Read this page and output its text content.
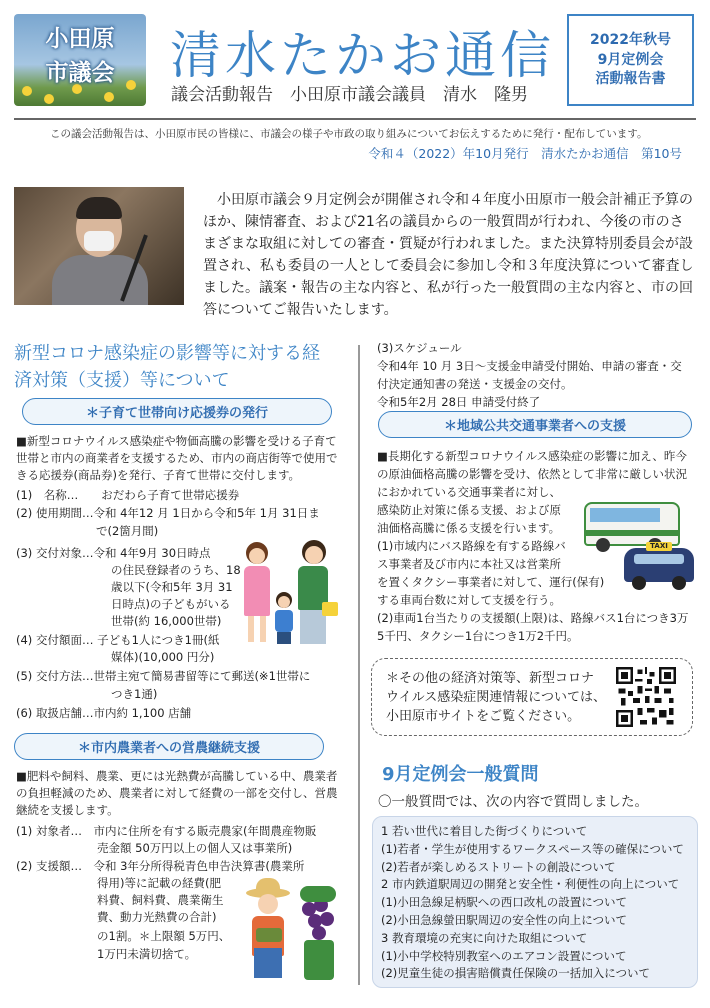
小田原
市議会	清水たかお通信
議会活動報告　小田原市議会議員　清水　隆男
2022年秋号
9月定例会
活動報告書
この議会活動報告は、小田原市民の皆様に、市議会の様子や市政の取り組みについてお伝えするために発行・配布しています。
令和４（2022）年10月発行　清水たかお通信　第10号

小田原市議会９月定例会が開催され令和４年度小田原市一般会計補正予算のほか、陳情審査、および21名の議員からの一般質問が行われ、今後の市のさまざまな取組に対しての審査・質疑が行われました。また決算特別委員会が設置され、私も委員の一人として委員会に参加し令和３年度決算について審査しました。議案・報告の主な内容と、私が行った一般質問の主な内容と、市の回答についてご報告いたします。

新型コロナ感染症の影響等に対する経
済対策（支援）等について
＊子育て世帯向け応援券の発行

■新型コロナウイルス感染症や物価高騰の影響を受ける子育て世帯と市内の商業者を支援するため、市内の商店街等で使用できる応援券(商品券)を発行、子育て世帯に交付します。

(1)　名称…　　おだわら子育て世帯応援券
(2) 使用期間…令和 4年12 月 1日から令和5年 1月 31日ま
で(2箇月間)
(3) 交付対象…令和 4年9月 30日時点
の住民登録者のうち、18
歳以下(令和5年 3月 31
日時点)の子どもがいる
世帯(約 16,000世帯)
(4) 交付額面… 子ども1人につき1冊(紙
媒体)(10,000 円分)
(5) 交付方法…世帯主宛て簡易書留等にて郵送(※1世帯に
つき1通)
(6) 取扱店舗…市内約 1,100 店舗
＊市内農業者への営農継続支援

■肥料や飼料、農業、更には光熱費が高騰している中、農業者の負担軽減のため、農業者に対して経費の一部を交付し、営農継続を支援します。

(1) 対象者…　市内に住所を有する販売農家(年間農産物販
売金額 50万円以上の個人又は事業所)
(2) 支援額…　令和 3年分所得税青色申告決算書(農業所
得用)等に記載の経費(肥
料費、飼料費、農業衛生
費、動力光熱費の合計)
の1割。＊上限額 5万円、
1万円未満切捨て。
(3)スケジュール
令和4年 10 月 3日～支援金申請受付開始、申請の審査・交
付決定通知書の発送・支援金の交付。
令和5年2月 28日 申請受付終了
＊地域公共交通事業者への支援
■長期化する新型コロナウイルス感染症の影響に加え、昨今
の原油価格高騰の影響を受け、依然として非常に厳しい状況
におかれている交通事業者に対し、
感染防止対策に係る支援、および原
油価格高騰に係る支援を行います。
(1)市域内にバス路線を有する路線バ
ス事業者及び市内に本社又は営業所
を置くタクシー事業者に対して、運行(保有)
する車両台数に対して支援を行う。
(2)車両1台当たりの支援額(上限)は、路線バス1台につき3万
5千円、タクシー1台につき1万2千円。
TAXI

＊その他の経済対策等、新型コロナウイルス感染症関連情報については、小田原市サイトをご覧ください。

9月定例会一般質問
〇一般質問では、次の内容で質問しました。
1 若い世代に着目した街づくりについて
(1)若者・学生が使用するワークスペース等の確保について
(2)若者が楽しめるストリートの創設について
2 市内鉄道駅周辺の開発と安全性・利便性の向上について
(1)小田急線足柄駅への西口改札の設置について
(2)小田急線螢田駅周辺の安全性の向上について
3 教育環境の充実に向けた取組について
(1)小中学校特別教室へのエアコン設置について
(2)児童生徒の損害賠償責任保険の一括加入について
